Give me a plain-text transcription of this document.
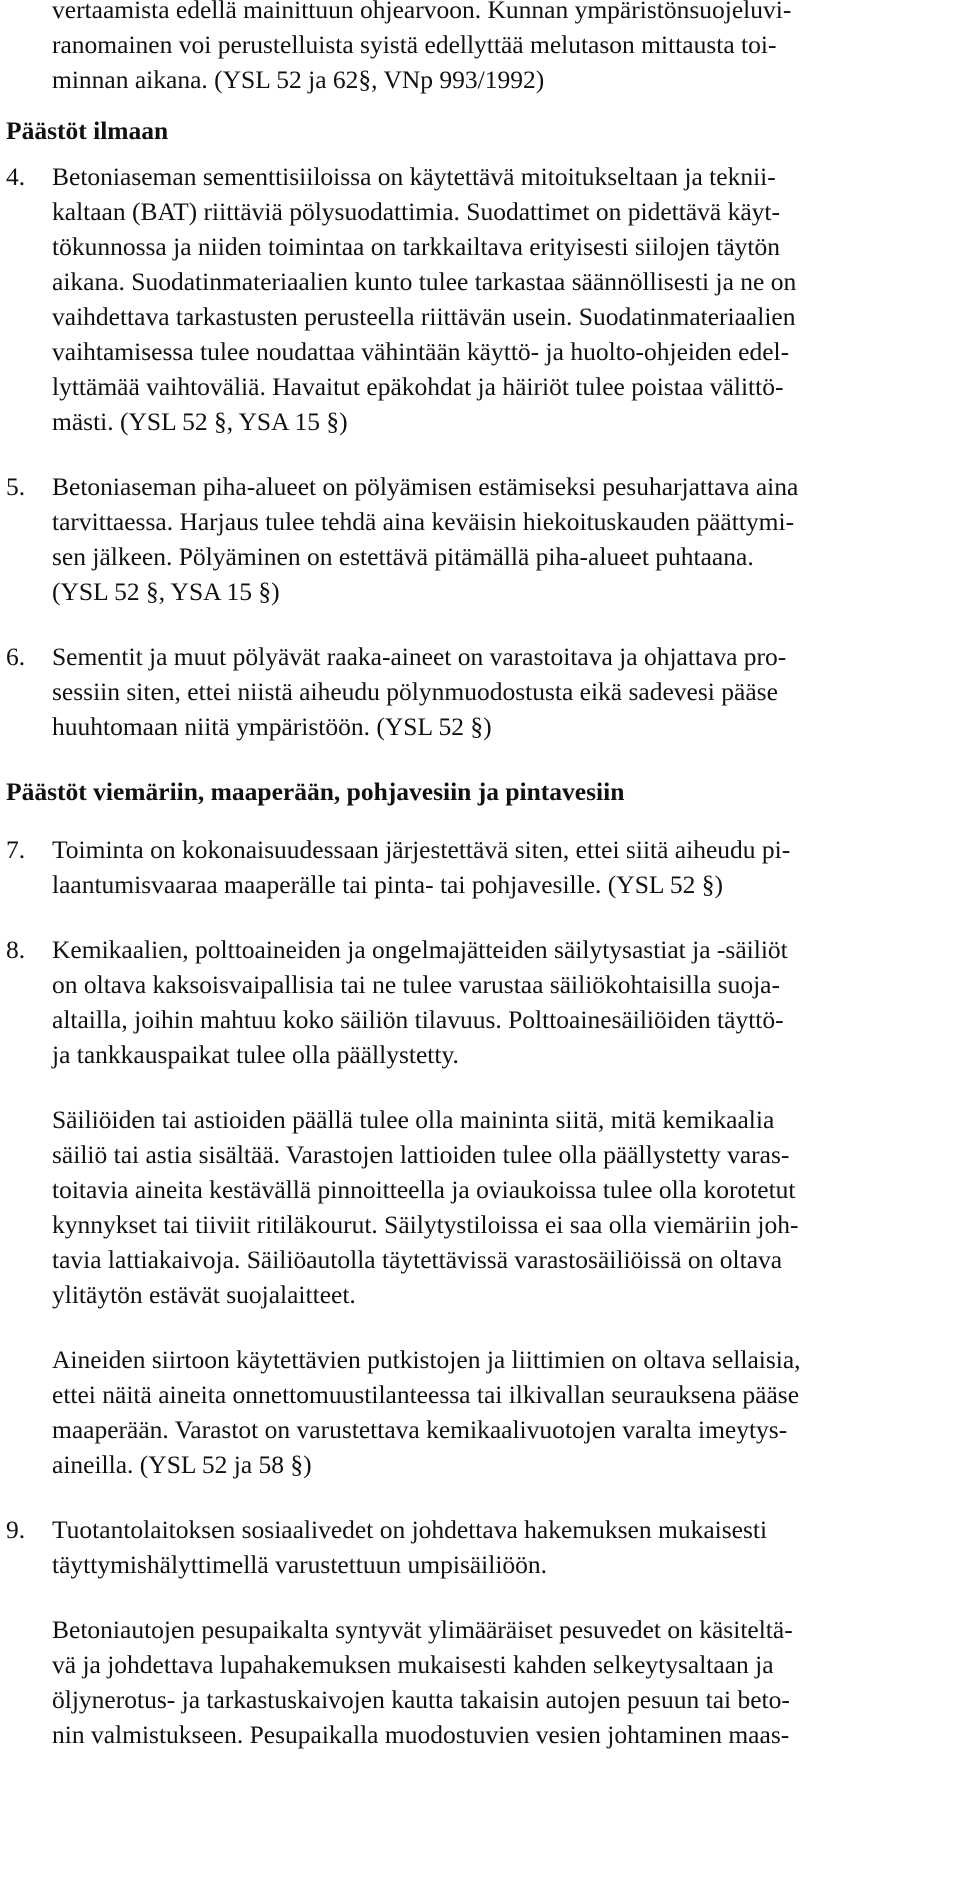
vertaamista edellä mainittuun ohjearvoon. Kunnan ympäristönsuojeluvi-
ranomainen voi perustelluista syistä edellyttää melutason mittausta toi-
minnan aikana. (YSL 52 ja 62§, VNp 993/1992)

Päästöt ilmaan

4. Betoniaseman sementtisiiloissa on käytettävä mitoitukseltaan ja teknii-
kaltaan (BAT) riittäviä pölysuodattimia. Suodattimet on pidettävä käyt-
tökunnossa ja niiden toimintaa on tarkkailtava erityisesti siilojen täytön
aikana. Suodatinmateriaalien kunto tulee tarkastaa säännöllisesti ja ne on
vaihdettava tarkastusten perusteella riittävän usein. Suodatinmateriaalien
vaihtamisessa tulee noudattaa vähintään käyttö- ja huolto-ohjeiden edel-
lyttämää vaihtoväliä. Havaitut epäkohdat ja häiriöt tulee poistaa välittö-
mästi. (YSL 52 §, YSA 15 §)
5. Betoniaseman piha-alueet on pölyämisen estämiseksi pesuharjattava aina
tarvittaessa. Harjaus tulee tehdä aina keväisin hiekoituskauden päättymi-
sen jälkeen. Pölyäminen on estettävä pitämällä piha-alueet puhtaana.
(YSL 52 §, YSA 15 §)
6. Sementit ja muut pölyävät raaka-aineet on varastoitava ja ohjattava pro-
sessiin siten, ettei niistä aiheudu pölynmuodostusta eikä sadevesi pääse
huuhtomaan niitä ympäristöön. (YSL 52 §)

Päästöt viemäriin, maaperään, pohjavesiin ja pintavesiin

7. Toiminta on kokonaisuudessaan järjestettävä siten, ettei siitä aiheudu pi-
laantumisvaaraa maaperälle tai pinta- tai pohjavesille. (YSL 52 §)
8. Kemikaalien, polttoaineiden ja ongelmajätteiden säilytysastiat ja -säiliöt
on oltava kaksoisvaipallisia tai ne tulee varustaa säiliökohtaisilla suoja-
altailla, joihin mahtuu koko säiliön tilavuus. Polttoainesäiliöiden täyttö-
ja tankkauspaikat tulee olla päällystetty.

Säiliöiden tai astioiden päällä tulee olla maininta siitä, mitä kemikaalia
säiliö tai astia sisältää. Varastojen lattioiden tulee olla päällystetty varas-
toitavia aineita kestävällä pinnoitteella ja oviaukoissa tulee olla korotetut
kynnykset tai tiiviit ritiläkourut. Säilytystiloissa ei saa olla viemäriin joh-
tavia lattiakaivoja. Säiliöautolla täytettävissä varastosäiliöissä on oltava
ylitäytön estävät suojalaitteet.

Aineiden siirtoon käytettävien putkistojen ja liittimien on oltava sellaisia,
ettei näitä aineita onnettomuustilanteessa tai ilkivallan seurauksena pääse
maaperään. Varastot on varustettava kemikaalivuotojen varalta imeytys-
aineilla. (YSL 52 ja 58 §)

9. Tuotantolaitoksen sosiaalivedet on johdettava hakemuksen mukaisesti
täyttymishälyttimellä varustettuun umpisäiliöön.

Betoniautojen pesupaikalta syntyvät ylimääräiset pesuvedet on käsiteltä-
vä ja johdettava lupahakemuksen mukaisesti kahden selkeytysaltaan ja
öljynerotus- ja tarkastuskaivojen kautta takaisin autojen pesuun tai beto-
nin valmistukseen. Pesupaikalla muodostuvien vesien johtaminen maas-
